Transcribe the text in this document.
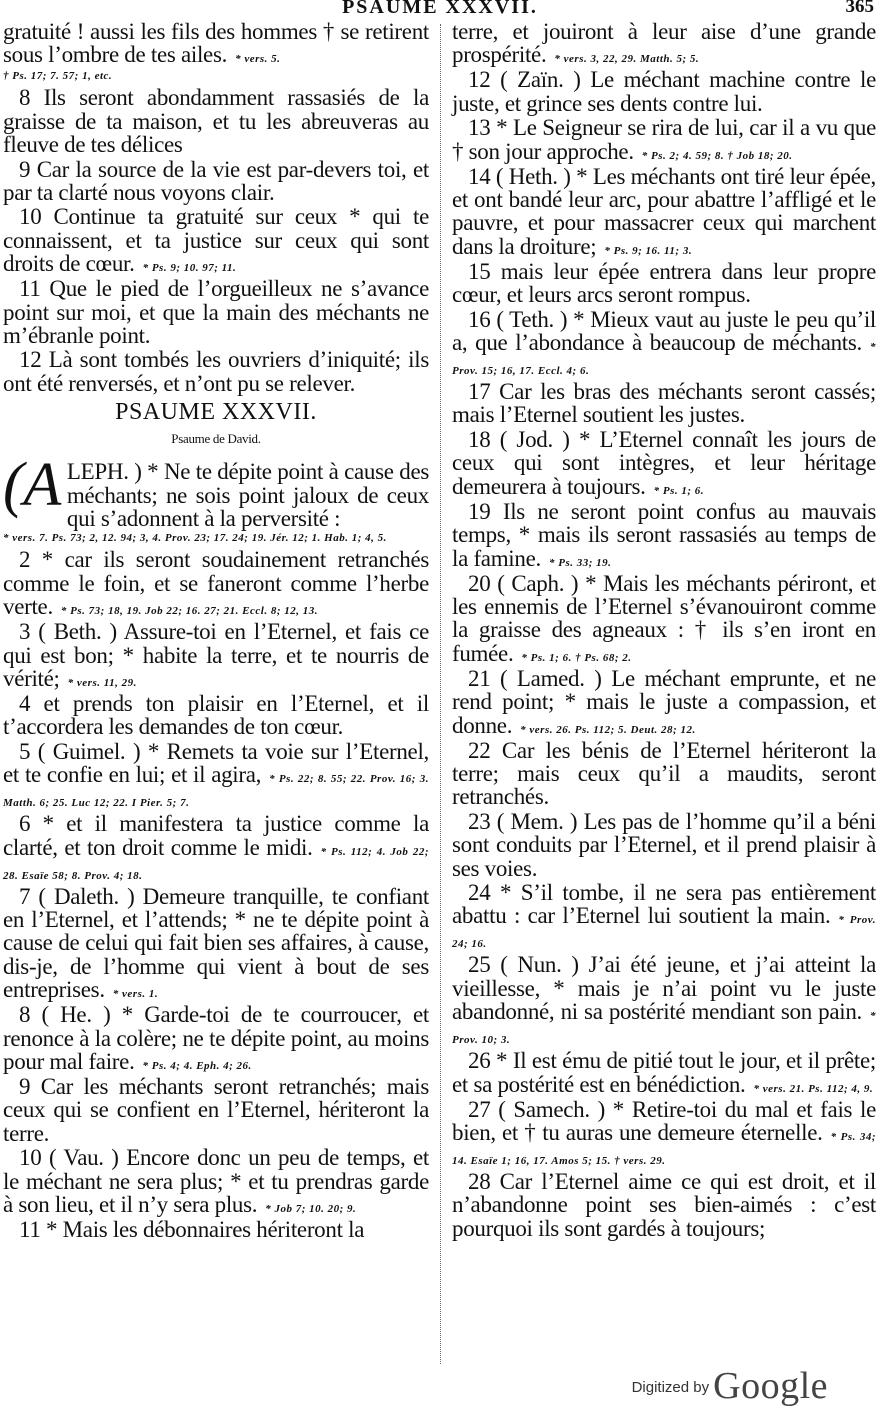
PSAUME XXXVII.	365

gratuité ! aussi les fils des hommes † se retirent sous l’ombre de tes ailes. * vers. 5.

† Ps. 17; 7. 57; 1, etc.

8 Ils seront abondamment rassasiés de la graisse de ta maison, et tu les abreuveras au fleuve de tes délices

9 Car la source de la vie est par-devers toi, et par ta clarté nous voyons clair.

10 Continue ta gratuité sur ceux * qui te connaissent, et ta justice sur ceux qui sont droits de cœur. * Ps. 9; 10. 97; 11.

11 Que le pied de l’orgueilleux ne s’avance point sur moi, et que la main des méchants ne m’ébranle point.

12 Là sont tombés les ouvriers d’iniquité; ils ont été renversés, et n’ont pu se relever.

PSAUME XXXVII.
Psaume de David.
(A LEPH. ) * Ne te dépite point à cause des méchants; ne sois point jaloux de ceux qui s’adonnent à la perversité :

* vers. 7. Ps. 73; 2, 12. 94; 3, 4. Prov. 23; 17. 24; 19. Jér. 12; 1. Hab. 1; 4, 5.

2 * car ils seront soudainement retranchés comme le foin, et se faneront comme l’herbe verte. * Ps. 73; 18, 19. Job 22; 16. 27; 21. Eccl. 8; 12, 13.

3 ( Beth. ) Assure-toi en l’Eternel, et fais ce qui est bon; * habite la terre, et te nourris de vérité; * vers. 11, 29.

4 et prends ton plaisir en l’Eternel, et il t’accordera les demandes de ton cœur.

5 ( Guimel. ) * Remets ta voie sur l’Eternel, et te confie en lui; et il agira, * Ps. 22; 8. 55; 22. Prov. 16; 3. Matth. 6; 25. Luc 12; 22. I Pier. 5; 7.

6 * et il manifestera ta justice comme la clarté, et ton droit comme le midi. * Ps. 112; 4. Job 22; 28. Esaïe 58; 8. Prov. 4; 18.

7 ( Daleth. ) Demeure tranquille, te confiant en l’Eternel, et l’attends; * ne te dépite point à cause de celui qui fait bien ses affaires, à cause, dis-je, de l’homme qui vient à bout de ses entreprises. * vers. 1.

8 ( He. ) * Garde-toi de te courroucer, et renonce à la colère; ne te dépite point, au moins pour mal faire. * Ps. 4; 4. Eph. 4; 26.

9 Car les méchants seront retranchés; mais ceux qui se confient en l’Eternel, hériteront la terre.

10 ( Vau. ) Encore donc un peu de temps, et le méchant ne sera plus; * et tu prendras garde à son lieu, et il n’y sera plus. * Job 7; 10. 20; 9.

11 * Mais les débonnaires hériteront la

terre, et jouiront à leur aise d’une grande prospérité. * vers. 3, 22, 29. Matth. 5; 5.

12 ( Zaïn. ) Le méchant machine contre le juste, et grince ses dents contre lui.

13 * Le Seigneur se rira de lui, car il a vu que † son jour approche. * Ps. 2; 4. 59; 8. † Job 18; 20.

14 ( Heth. ) * Les méchants ont tiré leur épée, et ont bandé leur arc, pour abattre l’affligé et le pauvre, et pour massacrer ceux qui marchent dans la droiture; * Ps. 9; 16. 11; 3.

15 mais leur épée entrera dans leur propre cœur, et leurs arcs seront rompus.

16 ( Teth. ) * Mieux vaut au juste le peu qu’il a, que l’abondance à beaucoup de méchants. * Prov. 15; 16, 17. Eccl. 4; 6.

17 Car les bras des méchants seront cassés; mais l’Eternel soutient les justes.

18 ( Jod. ) * L’Eternel connaît les jours de ceux qui sont intègres, et leur héritage demeurera à toujours. * Ps. 1; 6.

19 Ils ne seront point confus au mauvais temps, * mais ils seront rassasiés au temps de la famine. * Ps. 33; 19.

20 ( Caph. ) * Mais les méchants périront, et les ennemis de l’Eternel s’évanouiront comme la graisse des agneaux : † ils s’en iront en fumée. * Ps. 1; 6. † Ps. 68; 2.

21 ( Lamed. ) Le méchant emprunte, et ne rend point; * mais le juste a compassion, et donne. * vers. 26. Ps. 112; 5. Deut. 28; 12.

22 Car les bénis de l’Eternel hériteront la terre; mais ceux qu’il a maudits, seront retranchés.

23 ( Mem. ) Les pas de l’homme qu’il a béni sont conduits par l’Eternel, et il prend plaisir à ses voies.

24 * S’il tombe, il ne sera pas entièrement abattu : car l’Eternel lui soutient la main. * Prov. 24; 16.

25 ( Nun. ) J’ai été jeune, et j’ai atteint la vieillesse, * mais je n’ai point vu le juste abandonné, ni sa postérité mendiant son pain. * Prov. 10; 3.

26 * Il est ému de pitié tout le jour, et il prête; et sa postérité est en bénédiction. * vers. 21. Ps. 112; 4, 9.

27 ( Samech. ) * Retire-toi du mal et fais le bien, et † tu auras une demeure éternelle. * Ps. 34; 14. Esaïe 1; 16, 17. Amos 5; 15. † vers. 29.

28 Car l’Eternel aime ce qui est droit, et il n’abandonne point ses bien-aimés : c’est pourquoi ils sont gardés à toujours;

Digitized by Google
